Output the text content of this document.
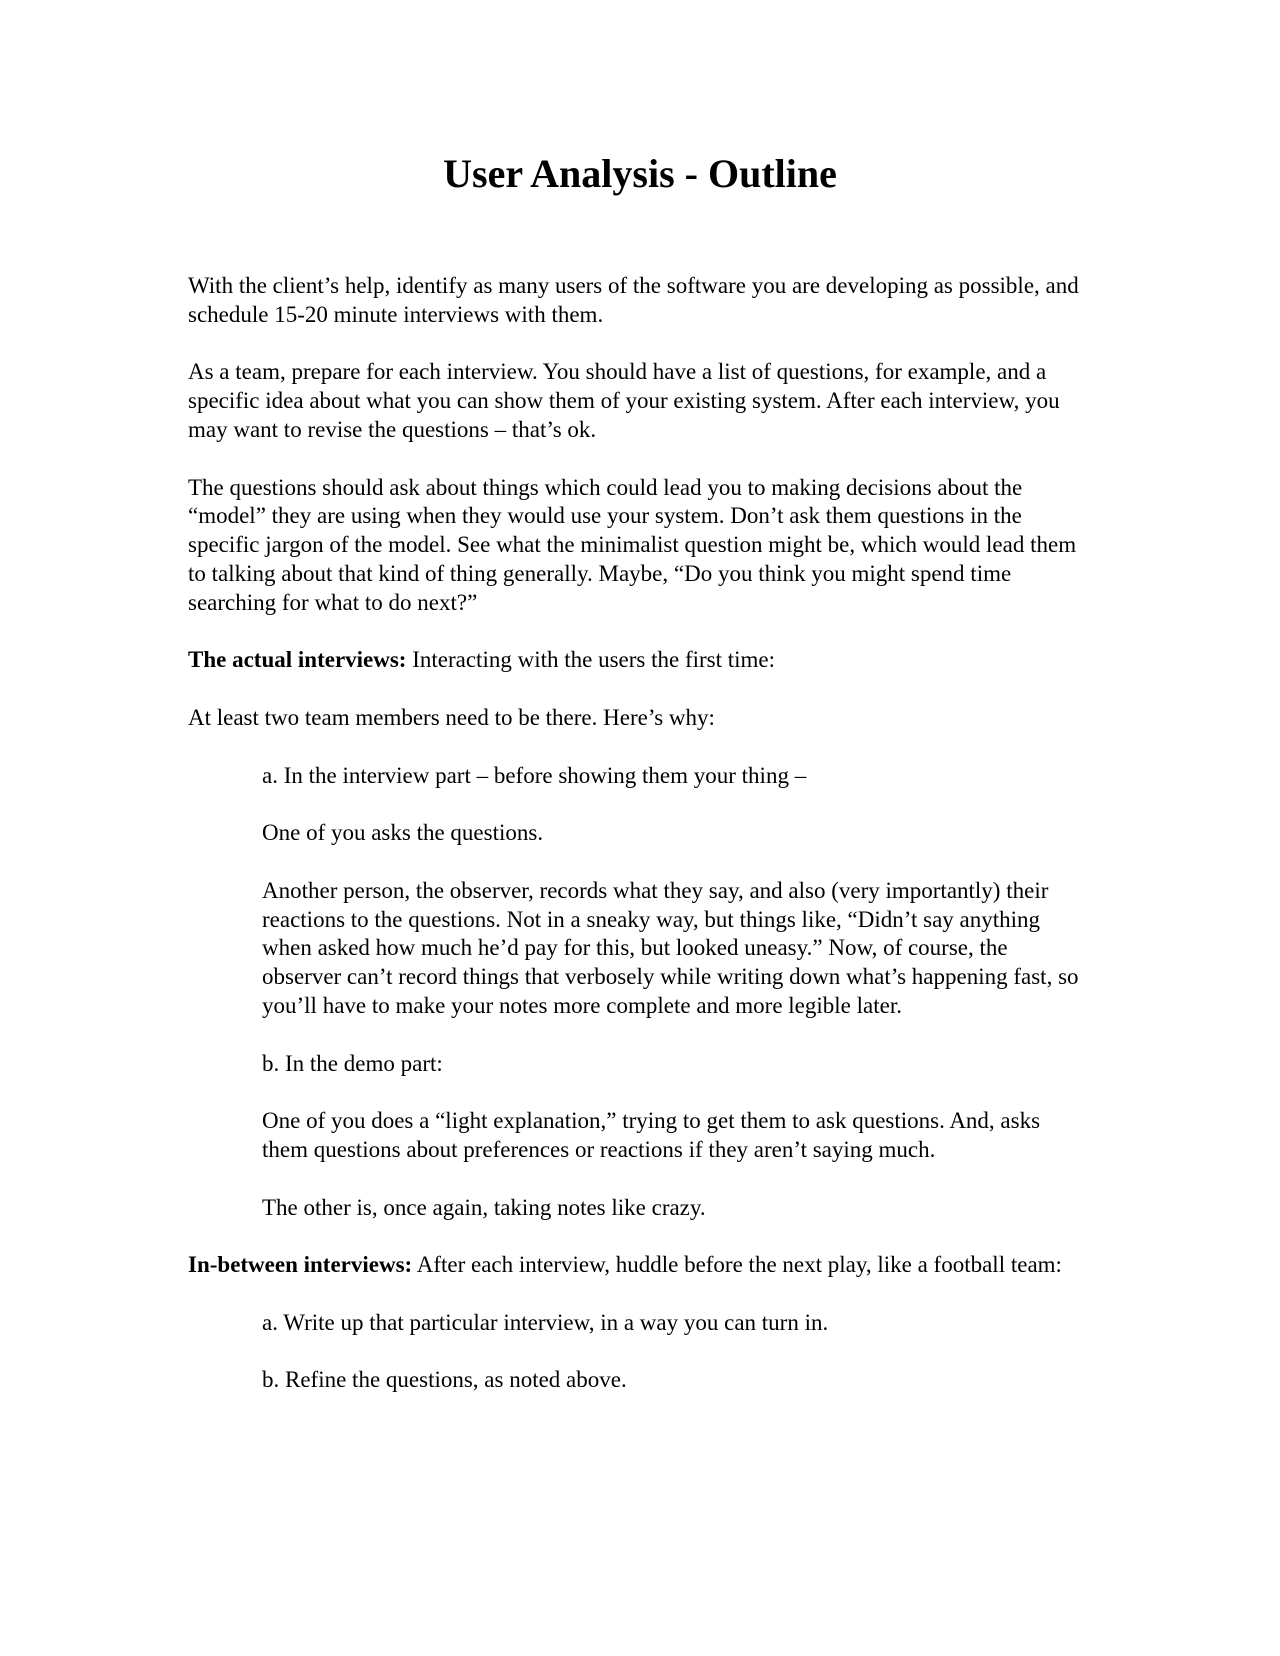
User Analysis - Outline

With the client’s help, identify as many users of the software you are developing as possible, and schedule 15-20 minute interviews with them.

As a team, prepare for each interview. You should have a list of questions, for example, and a specific idea about what you can show them of your existing system. After each interview, you may want to revise the questions – that’s ok.

The questions should ask about things which could lead you to making decisions about the “model” they are using when they would use your system. Don’t ask them questions in the specific jargon of the model. See what the minimalist question might be, which would lead them to talking about that kind of thing generally. Maybe, “Do you think you might spend time searching for what to do next?”

The actual interviews: Interacting with the users the first time:

At least two team members need to be there. Here’s why:

a. In the interview part – before showing them your thing –

One of you asks the questions.

Another person, the observer, records what they say, and also (very importantly) their reactions to the questions. Not in a sneaky way, but things like, “Didn’t say anything when asked how much he’d pay for this, but looked uneasy.” Now, of course, the observer can’t record things that verbosely while writing down what’s happening fast, so you’ll have to make your notes more complete and more legible later.

b. In the demo part:

One of you does a “light explanation,” trying to get them to ask questions. And, asks them questions about preferences or reactions if they aren’t saying much.

The other is, once again, taking notes like crazy.

In-between interviews: After each interview, huddle before the next play, like a football team:

a. Write up that particular interview, in a way you can turn in.

b. Refine the questions, as noted above.
